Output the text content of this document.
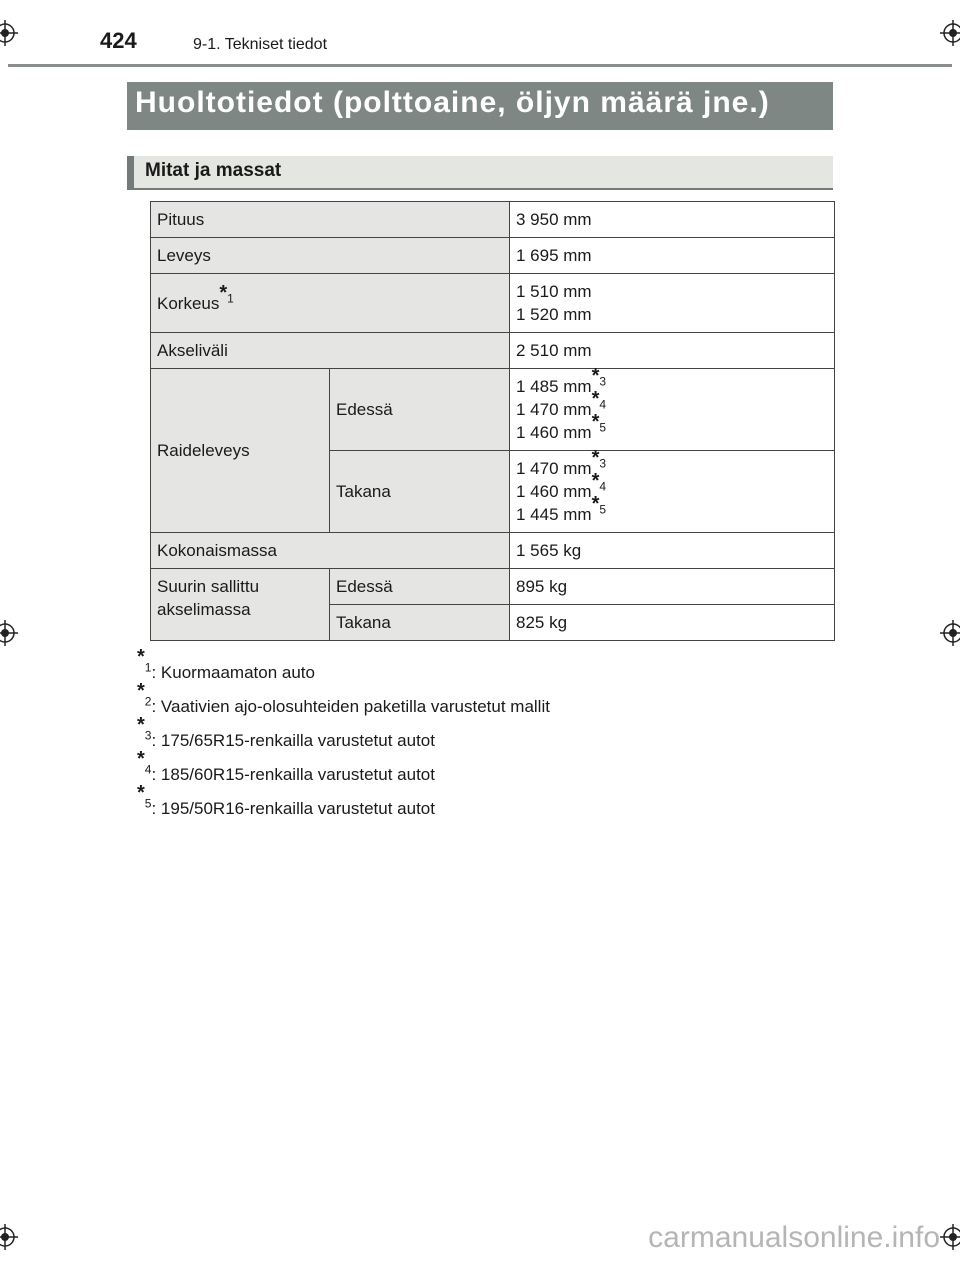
424	9-1. Tekniset tiedot
Huoltotiedot (polttoaine, öljyn määrä jne.)
Mitat ja massat
Pituus		3 950 mm
Leveys		1 695 mm
Korkeus*$^1$		1 510 mm
1 520 mm

Akseliväli		2 510 mm
Raideleveys	Edessä	1 485 mm*$^3$
1 470 mm*$^4$
1 460 mm*$^5$

	Takana	1 470 mm*$^3$
1 460 mm*$^4$
1 445 mm*$^5$

Kokonaismassa		1 565 kg
Suurin sallittu akselimassa	Edessä	895 kg
	Takana	825 kg
*$^1$: Kuormaamaton auto
*$^2$: Vaativien ajo-olosuhteiden paketilla varustetut mallit
*$^3$: 175/65R15-renkailla varustetut autot
*$^4$: 185/60R15-renkailla varustetut autot
*$^5$: 195/50R16-renkailla varustetut autot
carmanualsonline.info
